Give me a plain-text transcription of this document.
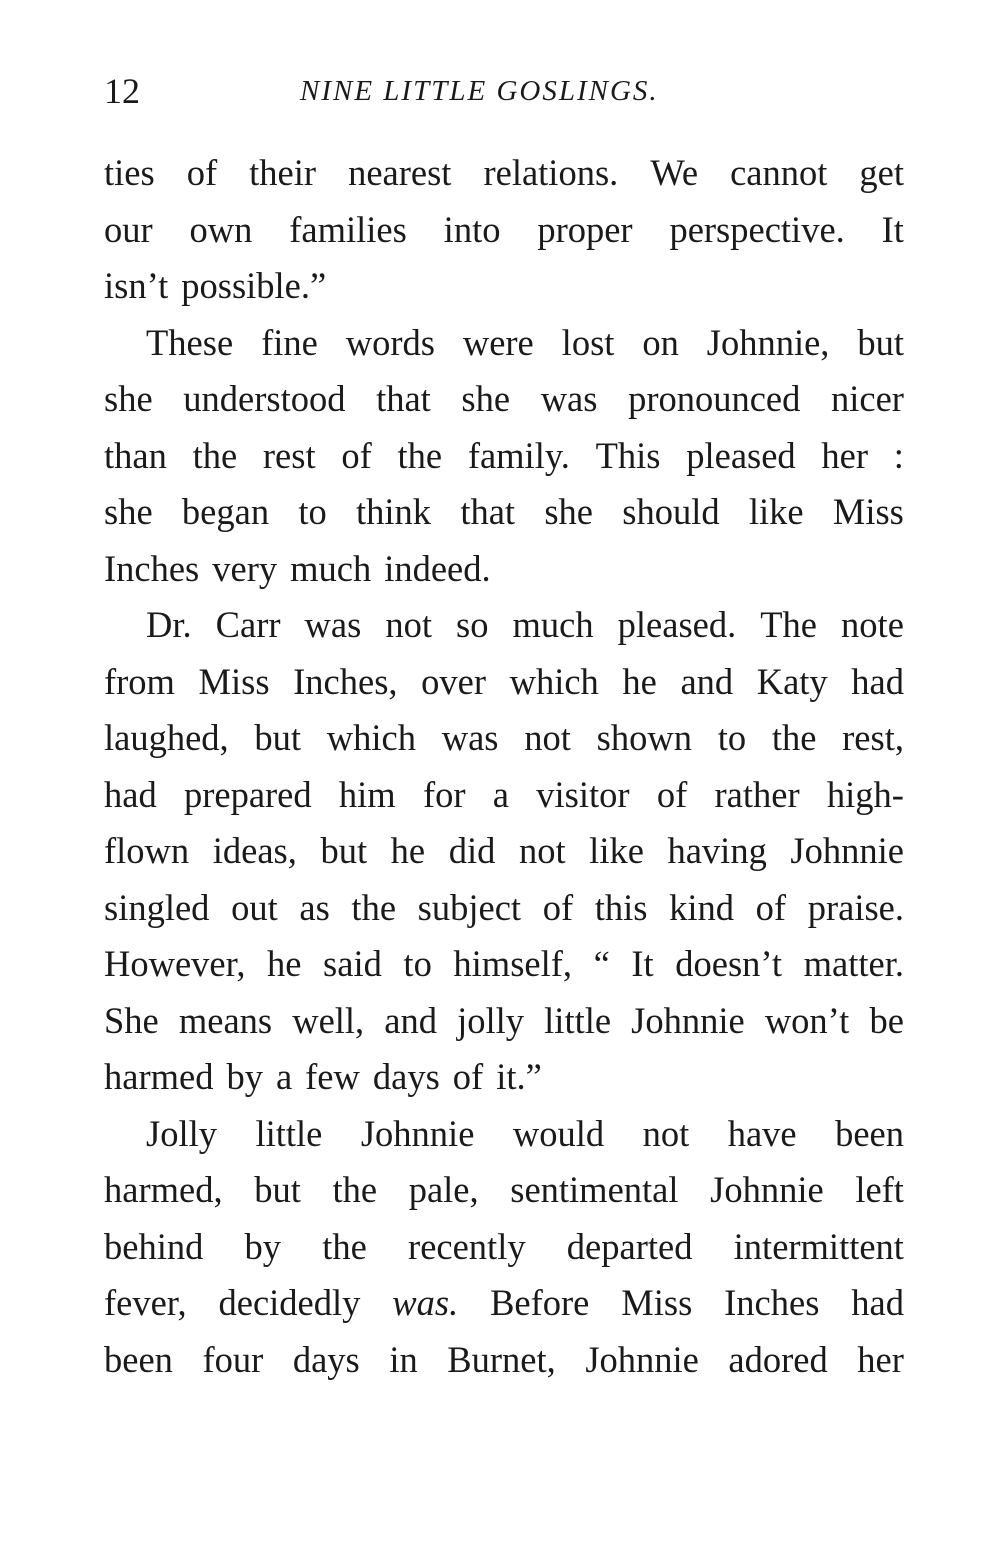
12	NINE LITTLE GOSLINGS.
ties of their nearest relations. We cannot get
our own families into proper perspective. It
isn’t possible.”
These fine words were lost on Johnnie, but
she understood that she was pronounced nicer
than the rest of the family. This pleased her :
she began to think that she should like Miss
Inches very much indeed.
Dr. Carr was not so much pleased. The note
from Miss Inches, over which he and Katy had
laughed, but which was not shown to the rest,
had prepared him for a visitor of rather high-
flown ideas, but he did not like having Johnnie
singled out as the subject of this kind of praise.
However, he said to himself, “ It doesn’t matter.
She means well, and jolly little Johnnie won’t be
harmed by a few days of it.”
Jolly little Johnnie would not have been
harmed, but the pale, sentimental Johnnie left
behind by the recently departed intermittent
fever, decidedly was. Before Miss Inches had
been four days in Burnet, Johnnie adored her
